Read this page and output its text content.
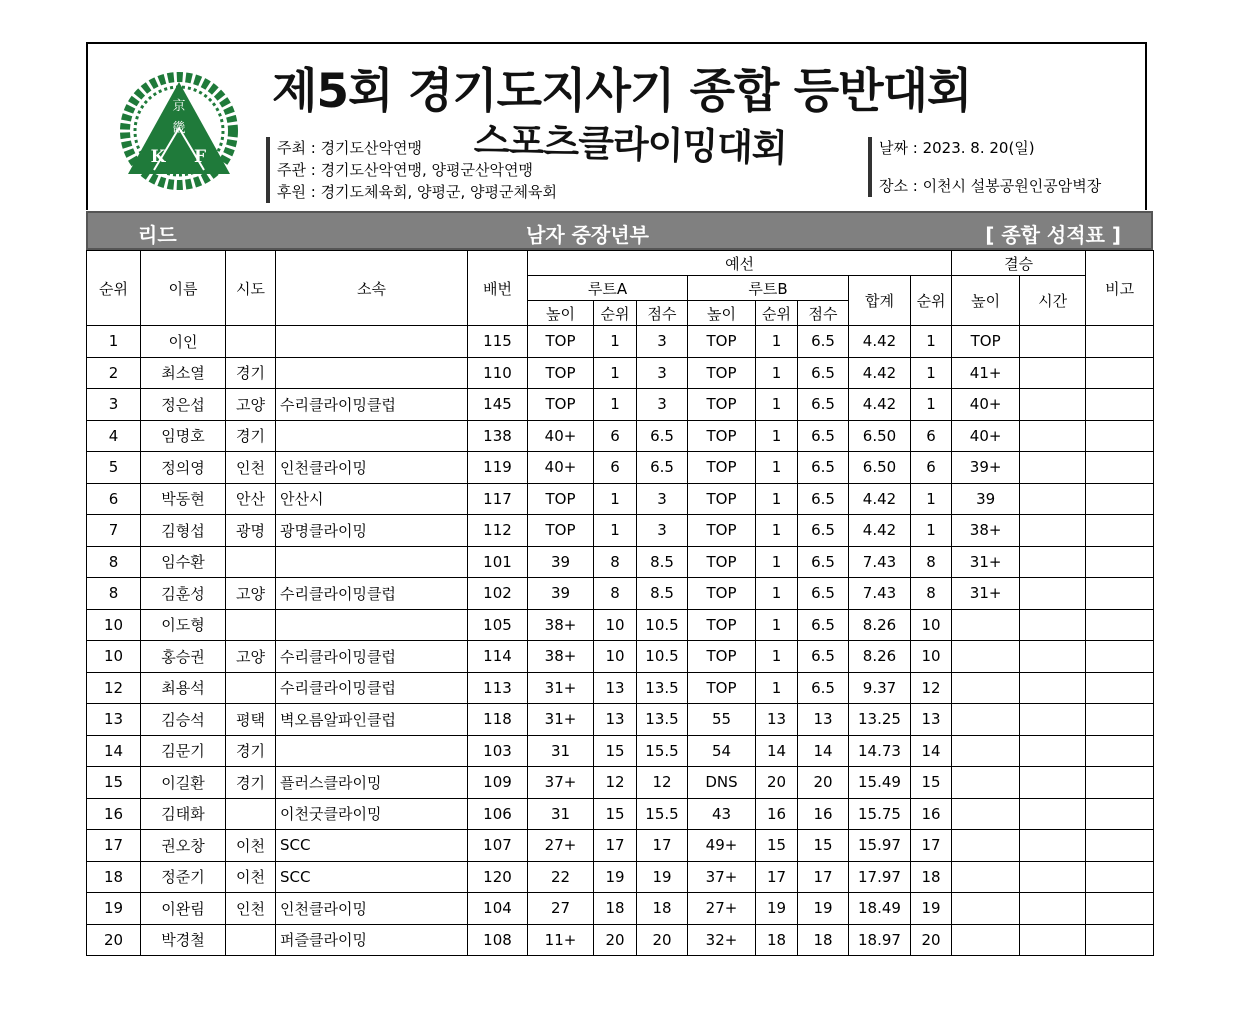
京
畿
K F
제5회 경기도지사기 종합 등반대회
스포츠클라이밍대회
주최 : 경기도산악연맹
주관 : 경기도산악연맹, 양평군산악연맹
후원 : 경기도체육회, 양평군, 양평군체육회
날짜 : 2023. 8. 20(일)
장소 : 이천시 설봉공원인공암벽장
리드	남자 중장년부	[ 종합 성적표 ]
순위	이름	시도	소속	배번	예선								결승		비고
					루트A			루트B			합계	순위	높이	시간	
					높이	순위	점수	높이	순위	점수					
1	이인			115	TOP	1	3	TOP	1	6.5	4.42	1	TOP		
2	최소열	경기		110	TOP	1	3	TOP	1	6.5	4.42	1	41+		
3	정은섭	고양	수리클라이밍클럽	145	TOP	1	3	TOP	1	6.5	4.42	1	40+		
4	임명호	경기		138	40+	6	6.5	TOP	1	6.5	6.50	6	40+		
5	정의영	인천	인천클라이밍	119	40+	6	6.5	TOP	1	6.5	6.50	6	39+		
6	박동현	안산	안산시	117	TOP	1	3	TOP	1	6.5	4.42	1	39		
7	김형섭	광명	광명클라이밍	112	TOP	1	3	TOP	1	6.5	4.42	1	38+		
8	임수환			101	39	8	8.5	TOP	1	6.5	7.43	8	31+		
8	김훈성	고양	수리클라이밍클럽	102	39	8	8.5	TOP	1	6.5	7.43	8	31+		
10	이도형			105	38+	10	10.5	TOP	1	6.5	8.26	10			
10	홍승권	고양	수리클라이밍클럽	114	38+	10	10.5	TOP	1	6.5	8.26	10			
12	최용석		수리클라이밍클럽	113	31+	13	13.5	TOP	1	6.5	9.37	12			
13	김승석	평택	벽오름알파인클럽	118	31+	13	13.5	55	13	13	13.25	13			
14	김문기	경기		103	31	15	15.5	54	14	14	14.73	14			
15	이길환	경기	플러스클라이밍	109	37+	12	12	DNS	20	20	15.49	15			
16	김태화		이천굿클라이밍	106	31	15	15.5	43	16	16	15.75	16			
17	권오창	이천	SCC	107	27+	17	17	49+	15	15	15.97	17			
18	정준기	이천	SCC	120	22	19	19	37+	17	17	17.97	18			
19	이완림	인천	인천클라이밍	104	27	18	18	27+	19	19	18.49	19			
20	박경철		퍼즐클라이밍	108	11+	20	20	32+	18	18	18.97	20			
